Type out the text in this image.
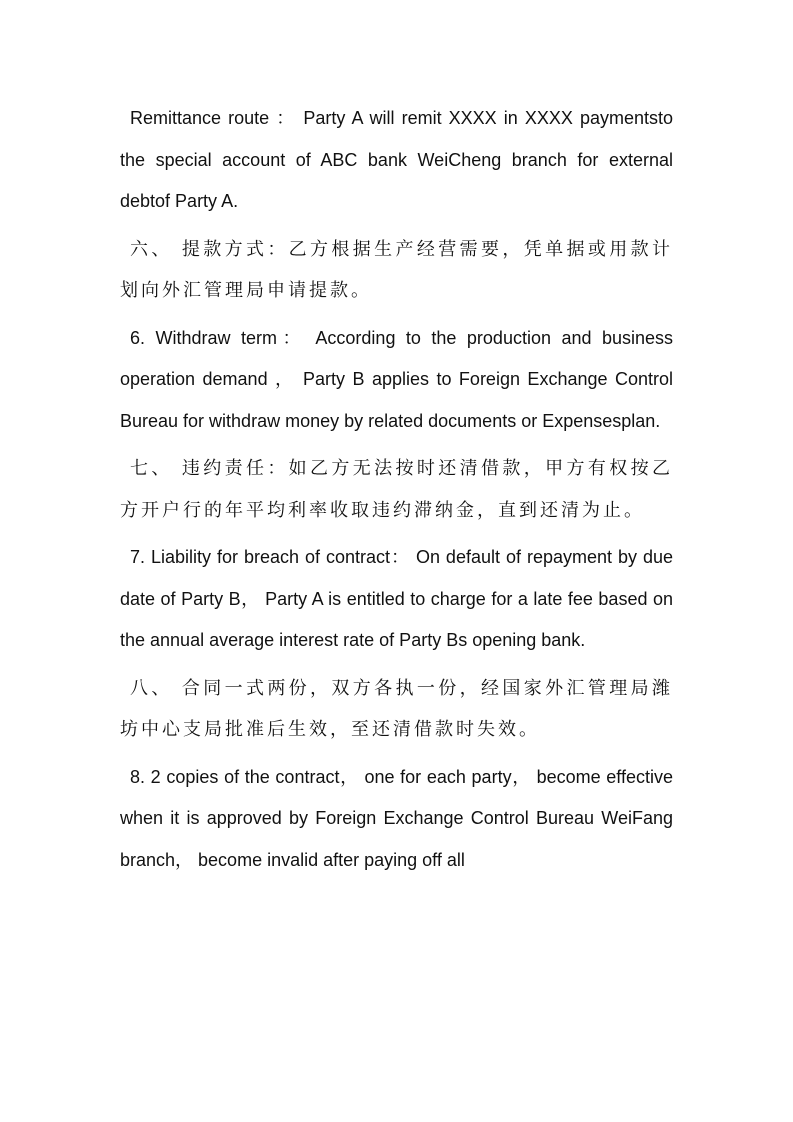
Remittance route ： Party A will remit XXXX in XXXX paymentsto the special account of ABC bank WeiCheng branch for external debtof Party A.

六、 提款方式：乙方根据生产经营需要，凭单据或用款计划向外汇管理局申请提款。

6. Withdraw term： According to the production and business operation demand ， Party B applies to Foreign Exchange Control Bureau for withdraw money by related documents or Expensesplan.

七、 违约责任：如乙方无法按时还清借款，甲方有权按乙方开户行的年平均利率收取违约滞纳金，直到还清为止。

7. Liability for breach of contract： On default of repayment by due date of Party B， Party A is entitled to charge for a late fee based on the annual average interest rate of Party Bs opening bank.

八、 合同一式两份，双方各执一份，经国家外汇管理局潍坊中心支局批准后生效，至还清借款时失效。

8. 2 copies of the contract， one for each party， become effective when it is approved by Foreign Exchange Control Bureau WeiFang branch， become invalid after paying off all
